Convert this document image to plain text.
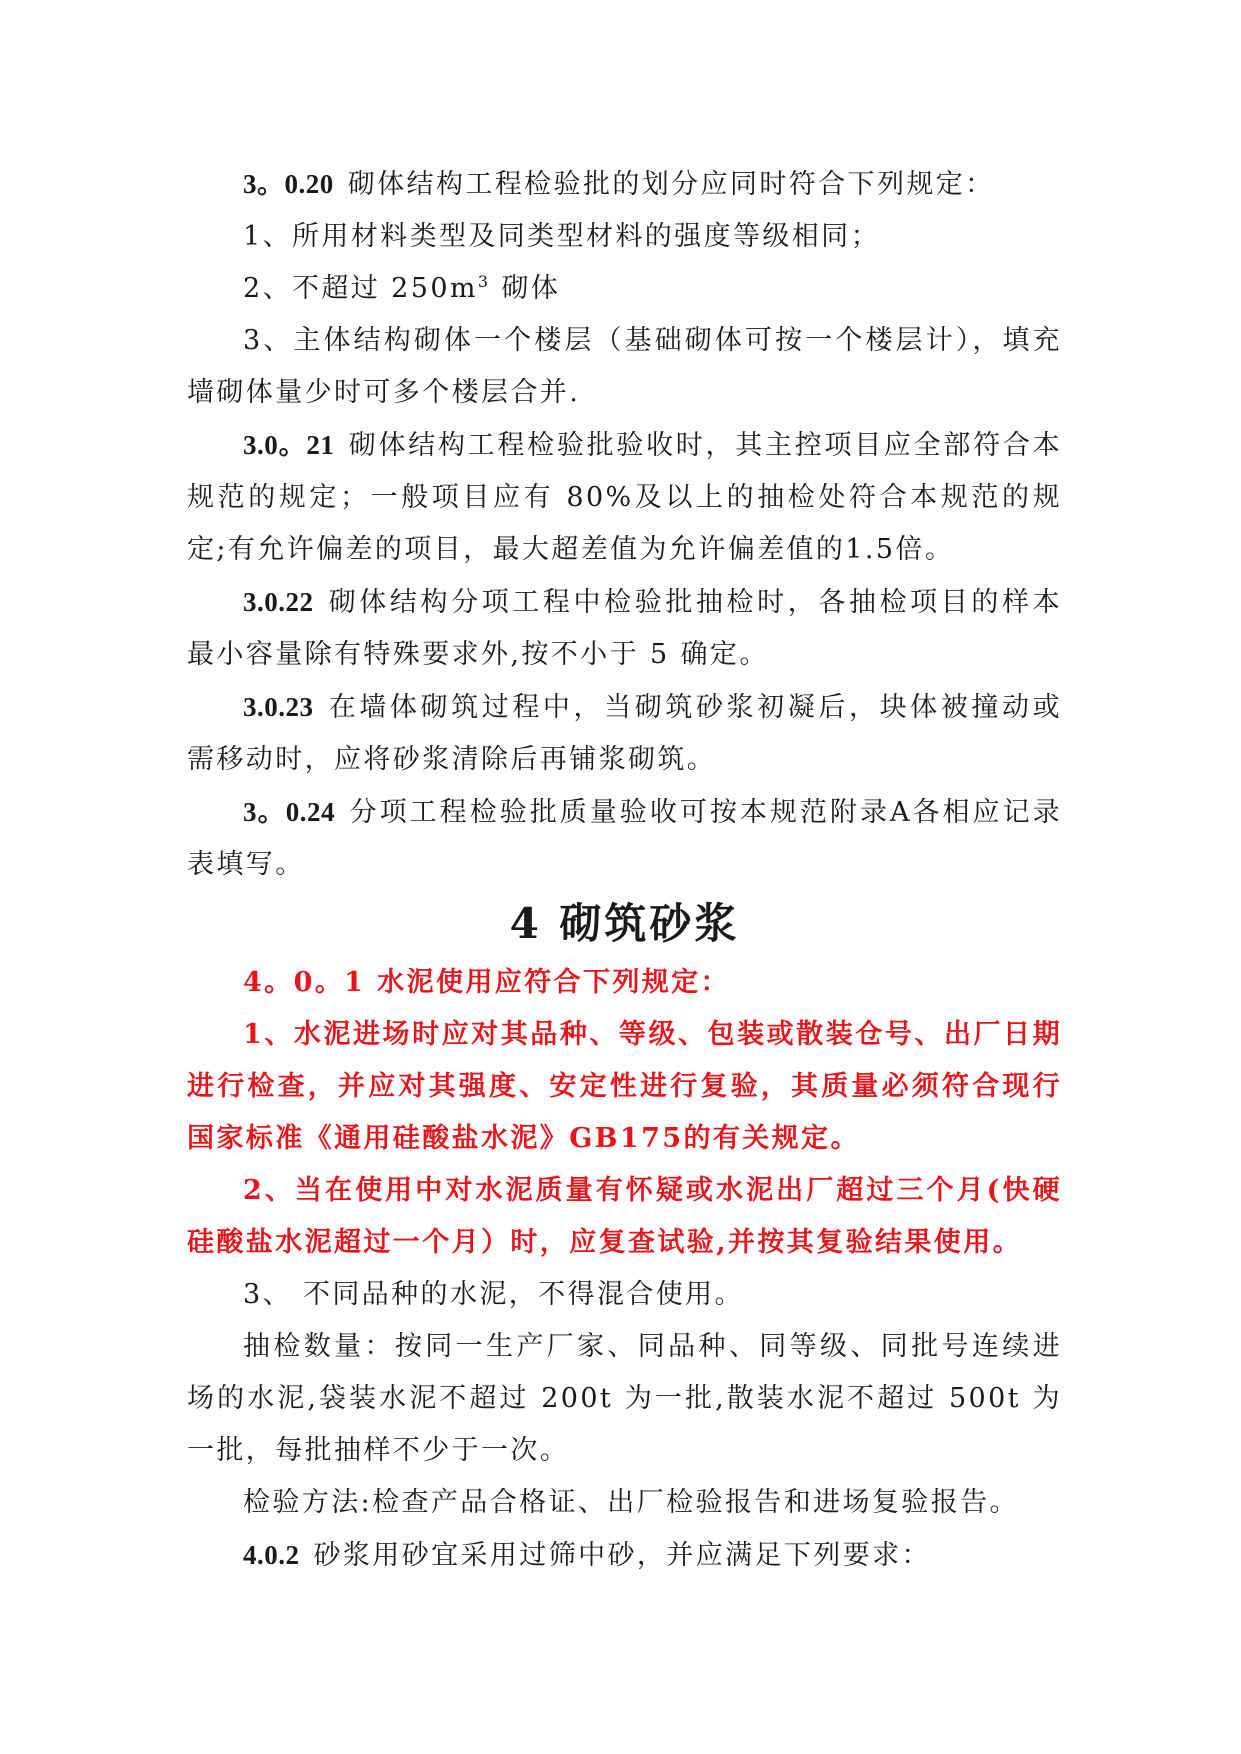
3。0.20 砌体结构工程检验批的划分应同时符合下列规定：

1、所用材料类型及同类型材料的强度等级相同；

2、不超过 $250m^3$ 砌体

3、主体结构砌体一个楼层（基础砌体可按一个楼层计），填充墙砌体量少时可多个楼层合并.

3.0。21 砌体结构工程检验批验收时，其主控项目应全部符合本规范的规定；一般项目应有 80%及以上的抽检处符合本规范的规定;有允许偏差的项目，最大超差值为允许偏差值的1.5倍。

3.0.22 砌体结构分项工程中检验批抽检时，各抽检项目的样本最小容量除有特殊要求外,按不小于 5 确定。

3.0.23 在墙体砌筑过程中，当砌筑砂浆初凝后，块体被撞动或需移动时，应将砂浆清除后再铺浆砌筑。

3。0.24 分项工程检验批质量验收可按本规范附录A各相应记录表填写。

4 砌筑砂浆

4。0。1 水泥使用应符合下列规定：

1、水泥进场时应对其品种、等级、包装或散装仓号、出厂日期进行检查，并应对其强度、安定性进行复验，其质量必须符合现行国家标准《通用硅酸盐水泥》GB175的有关规定。

2、当在使用中对水泥质量有怀疑或水泥出厂超过三个月(快硬硅酸盐水泥超过一个月）时，应复查试验,并按其复验结果使用。

3、 不同品种的水泥，不得混合使用。

抽检数量：按同一生产厂家、同品种、同等级、同批号连续进场的水泥,袋装水泥不超过 200t 为一批,散装水泥不超过 500t 为一批，每批抽样不少于一次。

检验方法:检查产品合格证、出厂检验报告和进场复验报告。

4.0.2 砂浆用砂宜采用过筛中砂，并应满足下列要求：
